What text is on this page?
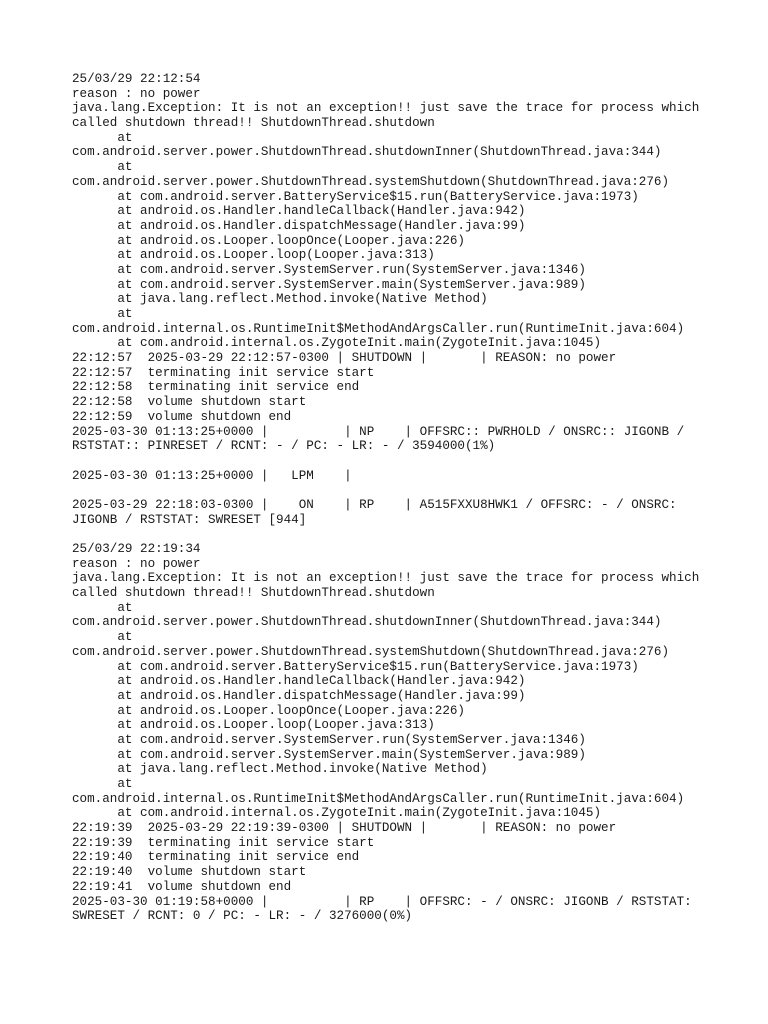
25/03/29 22:12:54
reason : no power
java.lang.Exception: It is not an exception!! just save the trace for process which
called shutdown thread!! ShutdownThread.shutdown
at
com.android.server.power.ShutdownThread.shutdownInner(ShutdownThread.java:344)
at
com.android.server.power.ShutdownThread.systemShutdown(ShutdownThread.java:276)
at com.android.server.BatteryService$15.run(BatteryService.java:1973)
at android.os.Handler.handleCallback(Handler.java:942)
at android.os.Handler.dispatchMessage(Handler.java:99)
at android.os.Looper.loopOnce(Looper.java:226)
at android.os.Looper.loop(Looper.java:313)
at com.android.server.SystemServer.run(SystemServer.java:1346)
at com.android.server.SystemServer.main(SystemServer.java:989)
at java.lang.reflect.Method.invoke(Native Method)
at
com.android.internal.os.RuntimeInit$MethodAndArgsCaller.run(RuntimeInit.java:604)
at com.android.internal.os.ZygoteInit.main(ZygoteInit.java:1045)
22:12:57  2025-03-29 22:12:57-0300 | SHUTDOWN |       | REASON: no power
22:12:57  terminating init service start
22:12:58  terminating init service end
22:12:58  volume shutdown start
22:12:59  volume shutdown end
2025-03-30 01:13:25+0000 |          | NP    | OFFSRC:: PWRHOLD / ONSRC:: JIGONB /
RSTSTAT:: PINRESET / RCNT: - / PC: - LR: - / 3594000(1%)
2025-03-30 01:13:25+0000 |   LPM    |
2025-03-29 22:18:03-0300 |    ON    | RP    | A515FXXU8HWK1 / OFFSRC: - / ONSRC:
JIGONB / RSTSTAT: SWRESET [944]
25/03/29 22:19:34
reason : no power
java.lang.Exception: It is not an exception!! just save the trace for process which
called shutdown thread!! ShutdownThread.shutdown
at
com.android.server.power.ShutdownThread.shutdownInner(ShutdownThread.java:344)
at
com.android.server.power.ShutdownThread.systemShutdown(ShutdownThread.java:276)
at com.android.server.BatteryService$15.run(BatteryService.java:1973)
at android.os.Handler.handleCallback(Handler.java:942)
at android.os.Handler.dispatchMessage(Handler.java:99)
at android.os.Looper.loopOnce(Looper.java:226)
at android.os.Looper.loop(Looper.java:313)
at com.android.server.SystemServer.run(SystemServer.java:1346)
at com.android.server.SystemServer.main(SystemServer.java:989)
at java.lang.reflect.Method.invoke(Native Method)
at
com.android.internal.os.RuntimeInit$MethodAndArgsCaller.run(RuntimeInit.java:604)
at com.android.internal.os.ZygoteInit.main(ZygoteInit.java:1045)
22:19:39  2025-03-29 22:19:39-0300 | SHUTDOWN |       | REASON: no power
22:19:39  terminating init service start
22:19:40  terminating init service end
22:19:40  volume shutdown start
22:19:41  volume shutdown end
2025-03-30 01:19:58+0000 |          | RP    | OFFSRC: - / ONSRC: JIGONB / RSTSTAT:
SWRESET / RCNT: 0 / PC: - LR: - / 3276000(0%)
